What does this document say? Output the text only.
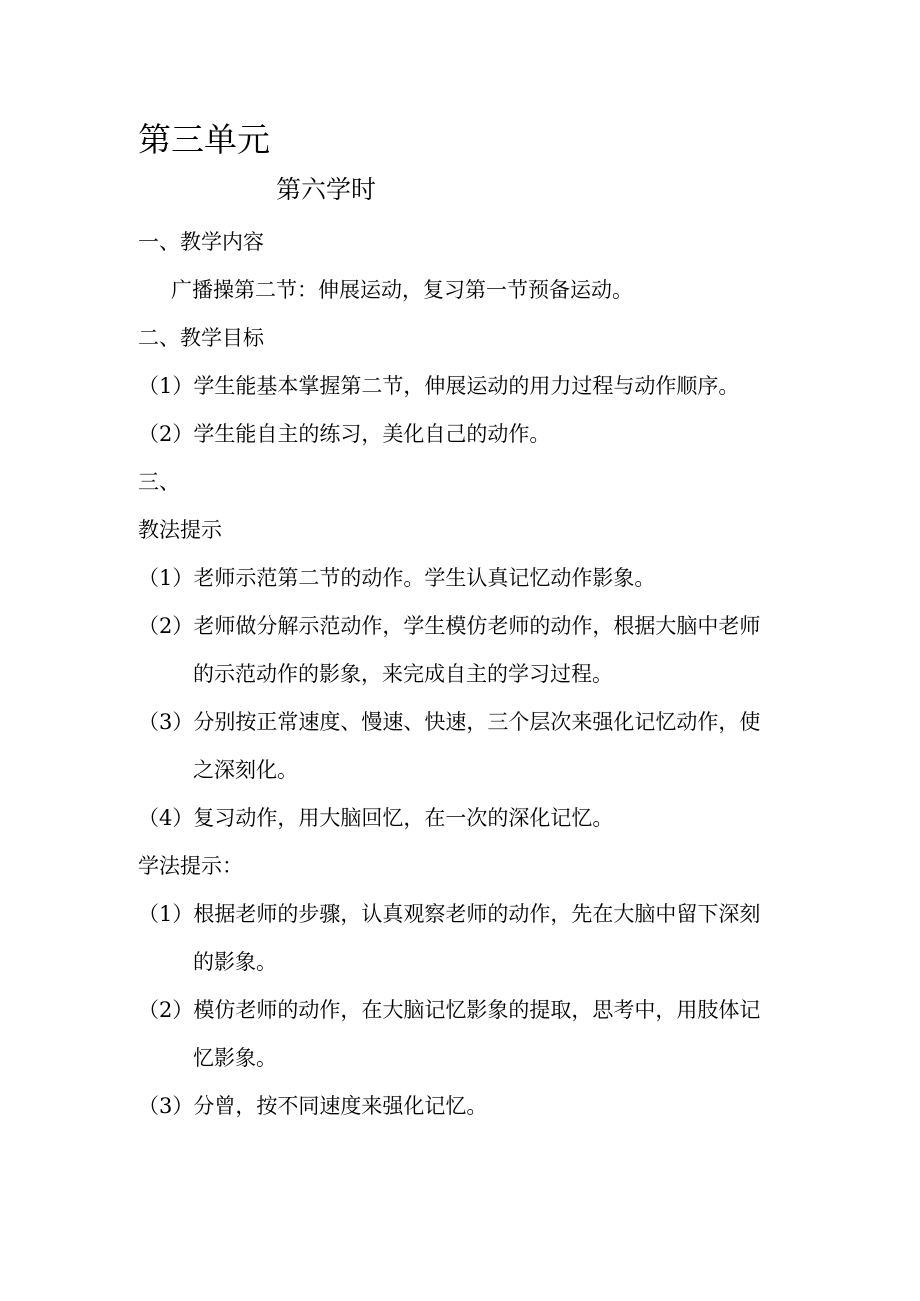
第三单元
第六学时
一、教学内容
广播操第二节：伸展运动，复习第一节预备运动。
二、教学目标
（1）学生能基本掌握第二节，伸展运动的用力过程与动作顺序。
（2）学生能自主的练习，美化自己的动作。
三、
教法提示
（1）老师示范第二节的动作。学生认真记忆动作影象。
（2）老师做分解示范动作，学生模仿老师的动作，根据大脑中老师
的示范动作的影象，来完成自主的学习过程。
（3）分别按正常速度、慢速、快速，三个层次来强化记忆动作，使
之深刻化。
（4）复习动作，用大脑回忆，在一次的深化记忆。
学法提示：
（1）根据老师的步骤，认真观察老师的动作，先在大脑中留下深刻
的影象。
（2）模仿老师的动作，在大脑记忆影象的提取，思考中，用肢体记
忆影象。
（3）分曾，按不同速度来强化记忆。
